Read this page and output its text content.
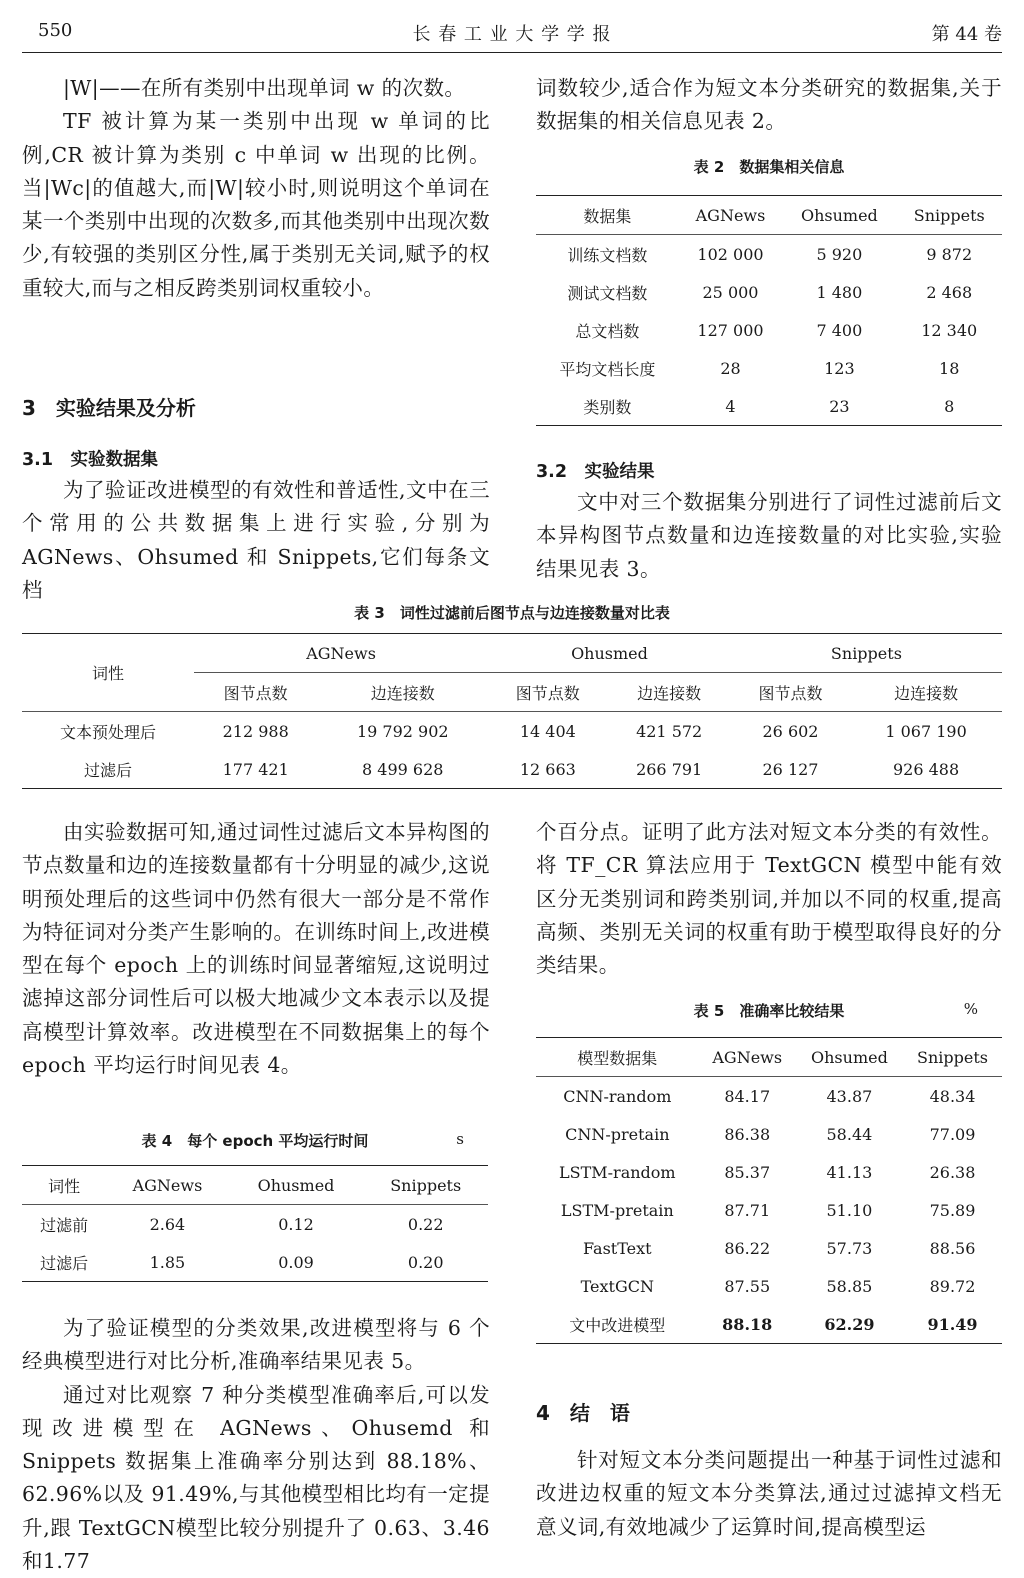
550	长 春 工 业 大 学 学 报	第 44 卷

|W|——在所有类别中出现单词 w 的次数。

TF 被计算为某一类别中出现 w 单词的比例,CR 被计算为类别 c 中单词 w 出现的比例。当|Wc|的值越大,而|W|较小时,则说明这个单词在某一个类别中出现的次数多,而其他类别中出现次数少,有较强的类别区分性,属于类别无关词,赋予的权重较大,而与之相反跨类别词权重较小。

3　实验结果及分析
3.1　实验数据集

为了验证改进模型的有效性和普适性,文中在三个常用的公共数据集上进行实验,分别为 AGNews、Ohsumed 和 Snippets,它们每条文档

词数较少,适合作为短文本分类研究的数据集,关于数据集的相关信息见表 2。

表 2　数据集相关信息
数据集	AGNews	Ohsumed	Snippets
训练文档数	102 000	5 920	9 872
测试文档数	25 000	1 480	2 468
总文档数	127 000	7 400	12 340
平均文档长度	28	123	18
类别数	4	23	8
3.2　实验结果

文中对三个数据集分别进行了词性过滤前后文本异构图节点数量和边连接数量的对比实验,实验结果见表 3。

表 3　词性过滤前后图节点与边连接数量对比表
词性	AGNews		Ohusmed		Snippets	
	图节点数	边连接数	图节点数	边连接数	图节点数	边连接数
文本预处理后	212 988	19 792 902	14 404	421 572	26 602	1 067 190
过滤后	177 421	8 499 628	12 663	266 791	26 127	926 488

由实验数据可知,通过词性过滤后文本异构图的节点数量和边的连接数量都有十分明显的减少,这说明预处理后的这些词中仍然有很大一部分是不常作为特征词对分类产生影响的。在训练时间上,改进模型在每个 epoch 上的训练时间显著缩短,这说明过滤掉这部分词性后可以极大地减少文本表示以及提高模型计算效率。改进模型在不同数据集上的每个 epoch 平均运行时间见表 4。

表 4　每个 epoch 平均运行时间	s
词性	AGNews	Ohusmed	Snippets
过滤前	2.64	0.12	0.22
过滤后	1.85	0.09	0.20

为了验证模型的分类效果,改进模型将与 6 个经典模型进行对比分析,准确率结果见表 5。

通过对比观察 7 种分类模型准确率后,可以发现改进模型在 AGNews、Ohusemd 和Snippets 数据集上准确率分别达到 88.18%、62.96%以及 91.49%,与其他模型相比均有一定提升,跟 TextGCN模型比较分别提升了 0.63、3.46 和1.77

个百分点。证明了此方法对短文本分类的有效性。将 TF_CR 算法应用于 TextGCN 模型中能有效区分无类别词和跨类别词,并加以不同的权重,提高高频、类别无关词的权重有助于模型取得良好的分类结果。

表 5　准确率比较结果	%
模型数据集	AGNews	Ohsumed	Snippets
CNN-random	84.17	43.87	48.34
CNN-pretain	86.38	58.44	77.09
LSTM-random	85.37	41.13	26.38
LSTM-pretain	87.71	51.10	75.89
FastText	86.22	57.73	88.56
TextGCN	87.55	58.85	89.72
文中改进模型	88.18	62.29	91.49
4　结　语

针对短文本分类问题提出一种基于词性过滤和改进边权重的短文本分类算法,通过过滤掉文档无意义词,有效地减少了运算时间,提高模型运
